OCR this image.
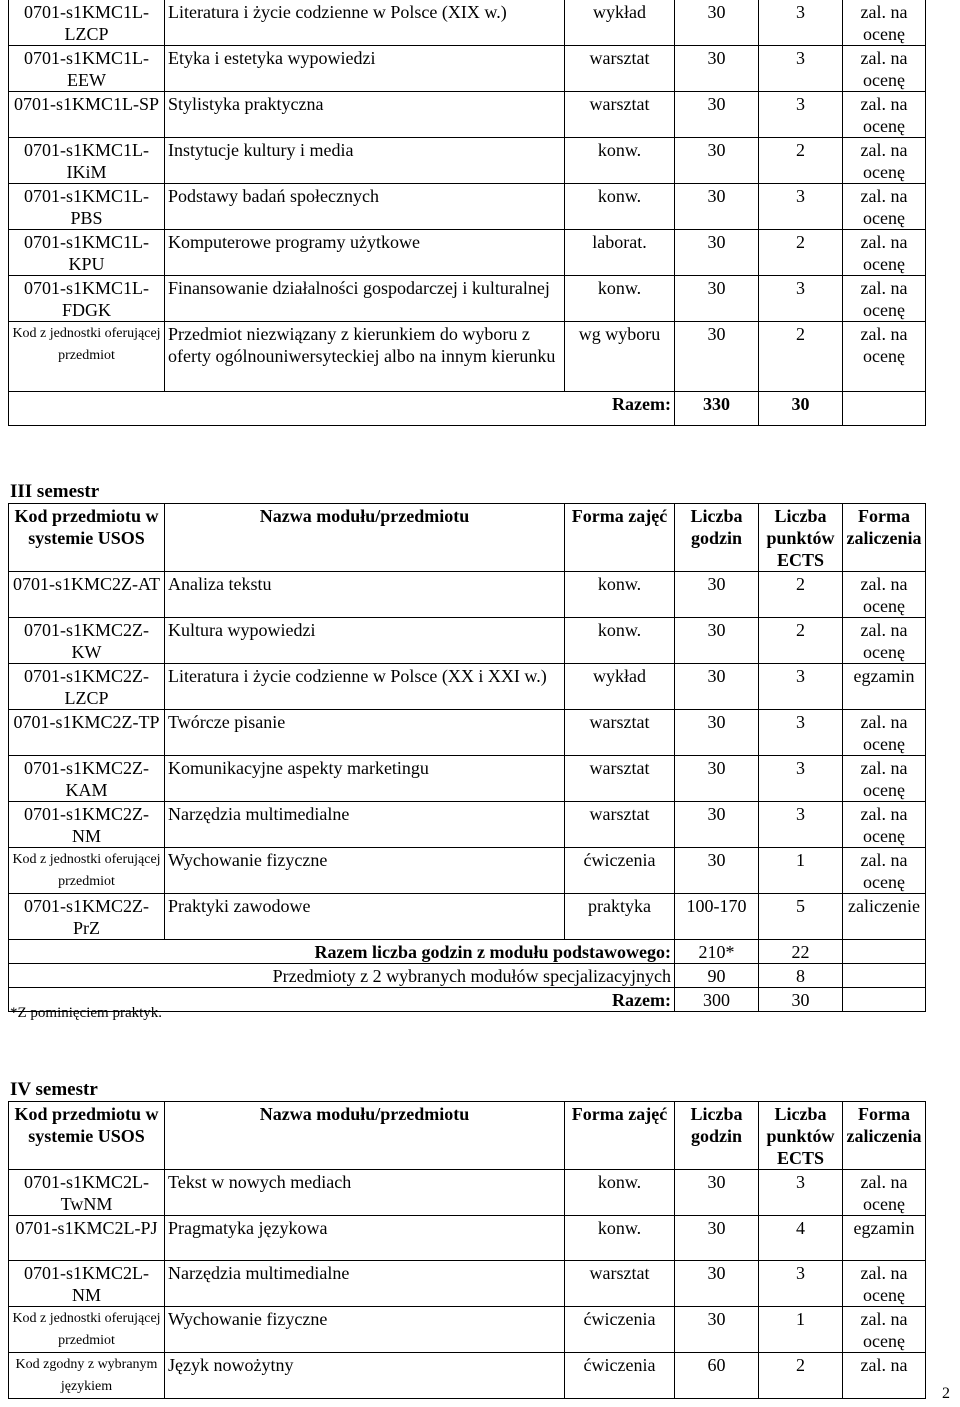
0701-s1KMC1L-LZCP	Literatura i życie codzienne w Polsce (XIX w.)	wykład	30	3	zal. na ocenę
0701-s1KMC1L-EEW	Etyka i estetyka wypowiedzi	warsztat	30	3	zal. na ocenę
0701-s1KMC1L-SP	Stylistyka praktyczna	warsztat	30	3	zal. na ocenę
0701-s1KMC1L-IKiM	Instytucje kultury i media	konw.	30	2	zal. na ocenę
0701-s1KMC1L-PBS	Podstawy badań społecznych	konw.	30	3	zal. na ocenę
0701-s1KMC1L-KPU	Komputerowe programy użytkowe	laborat.	30	2	zal. na ocenę
0701-s1KMC1L-FDGK	Finansowanie działalności gospodarczej i kulturalnej	konw.	30	3	zal. na ocenę
Kod z jednostki oferującej przedmiot	Przedmiot niezwiązany z kierunkiem do wyboru z oferty ogólnouniwersyteckiej albo na innym kierunku	wg wyboru	30	2	zal. na ocenę
Razem:			330	30	
III semestr
Kod przedmiotu w systemie USOS	Nazwa modułu/przedmiotu	Forma zajęć	Liczba godzin	Liczba punktów ECTS	Forma zaliczenia
0701-s1KMC2Z-AT	Analiza tekstu	konw.	30	2	zal. na ocenę
0701-s1KMC2Z-KW	Kultura wypowiedzi	konw.	30	2	zal. na ocenę
0701-s1KMC2Z-LZCP	Literatura i życie codzienne w Polsce (XX i XXI w.)	wykład	30	3	egzamin
0701-s1KMC2Z-TP	Twórcze pisanie	warsztat	30	3	zal. na ocenę
0701-s1KMC2Z-KAM	Komunikacyjne aspekty marketingu	warsztat	30	3	zal. na ocenę
0701-s1KMC2Z-NM	Narzędzia multimedialne	warsztat	30	3	zal. na ocenę
Kod z jednostki oferującej przedmiot	Wychowanie fizyczne	ćwiczenia	30	1	zal. na ocenę
0701-s1KMC2Z-PrZ	Praktyki zawodowe	praktyka	100-170	5	zaliczenie
Razem liczba godzin z modułu podstawowego:			210*	22	
Przedmioty z 2 wybranych modułów specjalizacyjnych			90	8	
Razem:			300	30	
*Z pominięciem praktyk.
IV semestr
Kod przedmiotu w systemie USOS	Nazwa modułu/przedmiotu	Forma zajęć	Liczba godzin	Liczba punktów ECTS	Forma zaliczenia
0701-s1KMC2L-TwNM	Tekst w nowych mediach	konw.	30	3	zal. na ocenę
0701-s1KMC2L-PJ	Pragmatyka językowa	konw.	30	4	egzamin
0701-s1KMC2L-NM	Narzędzia multimedialne	warsztat	30	3	zal. na ocenę
Kod z jednostki oferującej przedmiot	Wychowanie fizyczne	ćwiczenia	30	1	zal. na ocenę
Kod zgodny z wybranym językiem	Język nowożytny	ćwiczenia	60	2	zal. na
2
